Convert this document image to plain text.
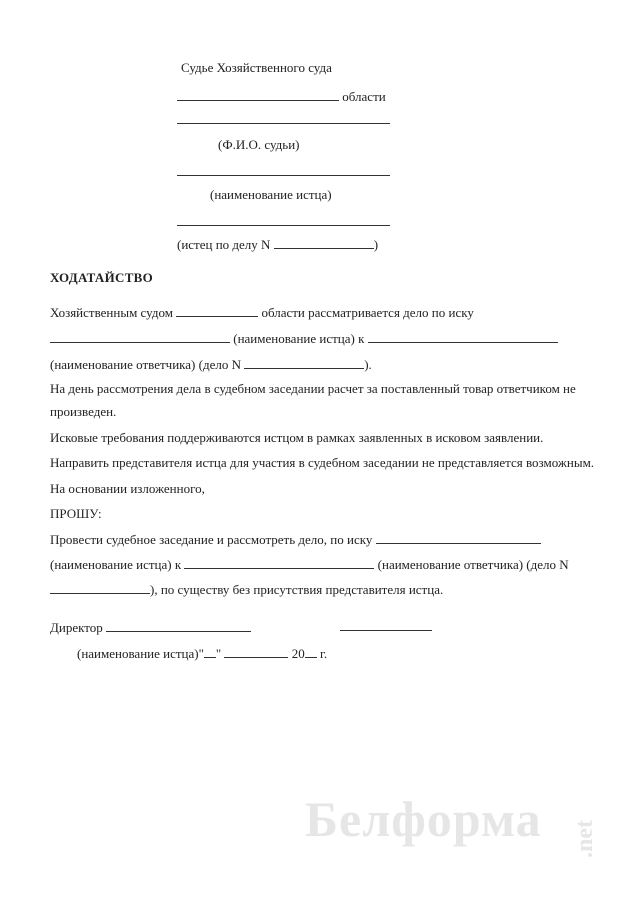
Судье Хозяйственного суда
области
(Ф.И.О. судьи)
(наименование истца)
(истец по делу N	)
ХОДАТАЙСТВО
Хозяйственным судом	области рассматривается дело по иску
(наименование истца) к
(наименование ответчика) (дело N	).
На день рассмотрения дела в судебном заседании расчет за поставленный товар ответчиком не
произведен.
Исковые требования поддерживаются истцом в рамках заявленных в исковом заявлении.
Направить представителя истца для участия в судебном заседании не представляется возможным.
На основании изложенного,
ПРОШУ:
Провести судебное заседание и рассмотреть дело, по иску
(наименование истца) к	(наименование ответчика) (дело N
), по существу без присутствия представителя истца.
Директор
(наименование истца)" "	20 г.
Белформа .net
